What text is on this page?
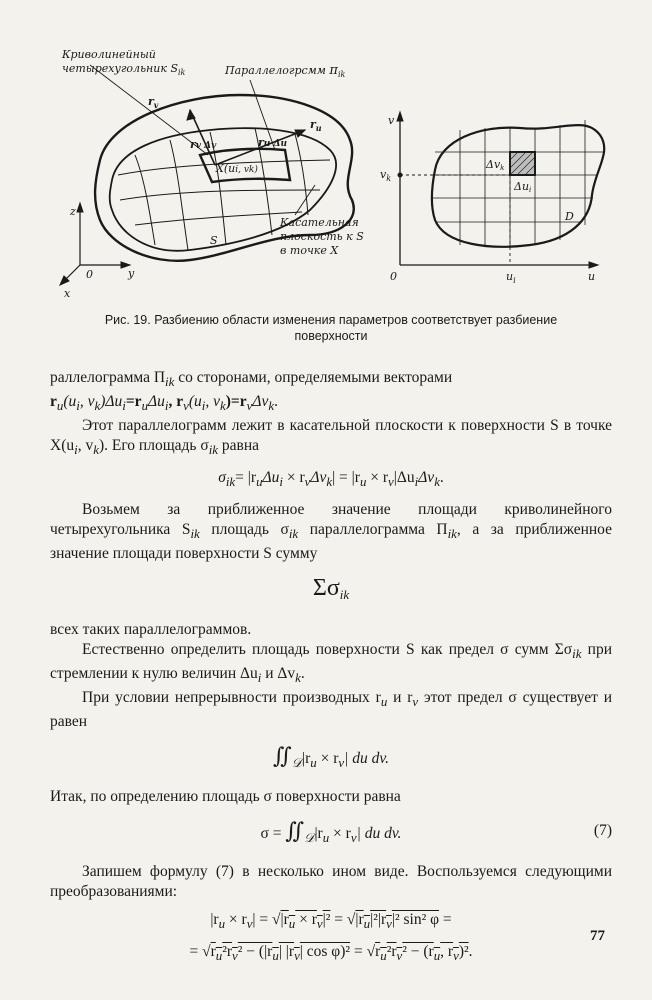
Криволинейный
четырехугольник $S_{ik}$	Параллелогрсмм $\pi_{ik}$
$r_v$
rv Δv	ru Δu
$r_u$
X(ui, vk)
Касательная
плоскость к S
в точке X
S
z
y
x
0
v
$v_k$
0	$u_i$	u
Δvk
Δui
D
Рис. 19. Разбиению области изменения параметров соответствует разбиение
поверхности

раллелограмма $\Pi_{ik}$ со сторонами, определяемыми векторами
$r_u(u_i$, $v_k)\Delta u_i=r_u\Delta u_i$, $r_v(u_i$, $v_k)=r_v\Delta v_k$.

Этот параллелограмм лежит в касательной плоскости к поверхности S в точке $X(u_i$, $v_k$). Его площадь $\sigma_{ik}$ равна

$\sigma_{ik}= |r_u\Delta u_i \times r_v\Delta v_k| = |r_u \times r_v|\Delta u_i\Delta v_k$.

Возьмем за приближенное значение площади криволинейного четырехугольника $S_{ik}$ площадь $\sigma_{ik}$ параллелограмма $\Pi_{ik}$, а за приближенное значение площади поверхности S сумму

$\Sigma\sigma_{ik}$

всех таких параллелограммов.

Естественно определить площадь поверхности S как предел σ сумм $\Sigma\sigma_{ik}$ при стремлении к нулю величин $\Delta u_i$ и $\Delta v_k$.

При условии непрерывности производных $r_u$ и $r_v$ этот предел σ существует и равен

$∬_𝒟|r_u \times r_v|$ du dv.

Итак, по определению площадь σ поверхности равна

$\sigma = ∬_𝒟|r_u \times r_v|$ du dv.	(7)

Запишем формулу (7) в несколько ином виде. Воспользуемся следующими преобразованиями:

$|r_u \times r_v| = √|r_u \times r_v|^2 = √|r_u|^2|r_v|^2$ sin² φ =
= $√r_u^2r_v^2 - (|r_u|$ $|r_v|$ $\cos \varphi)^2 = √r_u^2r_v^2 - (r_u$, $r_v)^2$.
77
